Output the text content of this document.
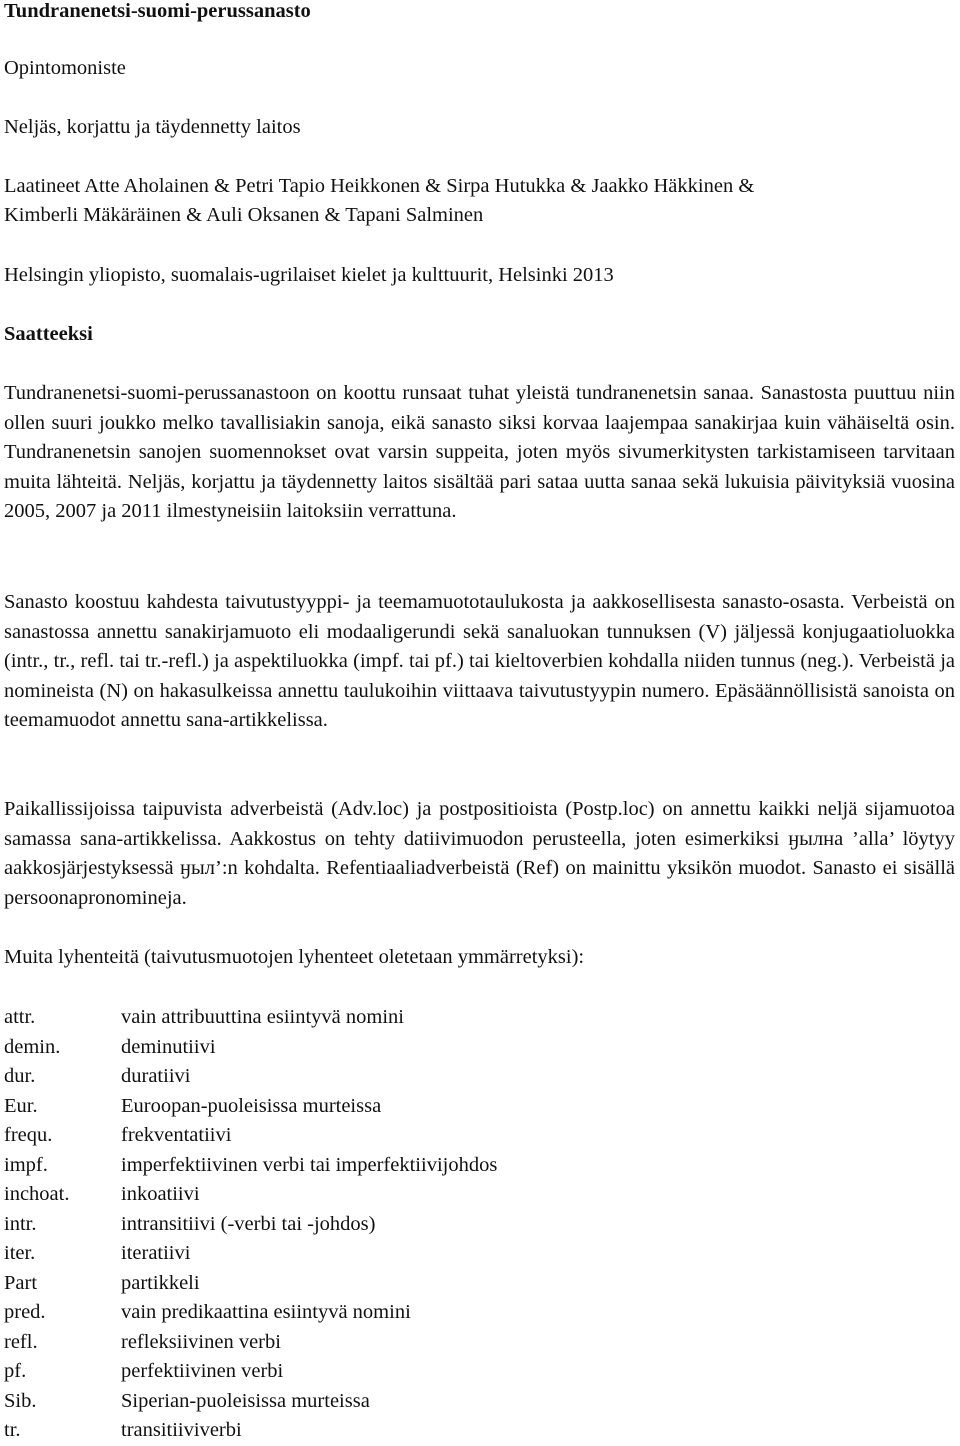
Tundranenetsi-suomi-perussanasto

Opintomoniste

Neljäs, korjattu ja täydennetty laitos

Laatineet Atte Aholainen & Petri Tapio Heikkonen & Sirpa Hutukka & Jaakko Häkkinen &

Kimberli Mäkäräinen & Auli Oksanen & Tapani Salminen

Helsingin yliopisto, suomalais-ugrilaiset kielet ja kulttuurit, Helsinki 2013

Saatteeksi

Tundranenetsi-suomi-perussanastoon on koottu runsaat tuhat yleistä tundranenetsin sanaa. Sanastosta puuttuu niin ollen suuri joukko melko tavallisiakin sanoja, eikä sanasto siksi korvaa laajempaa sanakirjaa kuin vähäiseltä osin. Tundranenetsin sanojen suomennokset ovat varsin suppeita, joten myös sivumerkitysten tarkistamiseen tarvitaan muita lähteitä. Neljäs, korjattu ja täydennetty laitos sisältää pari sataa uutta sanaa sekä lukuisia päivityksiä vuosina 2005, 2007 ja 2011 ilmestyneisiin laitoksiin verrattuna.

Sanasto koostuu kahdesta taivutustyyppi- ja teemamuototaulukosta ja aakkosellisesta sanasto-osasta. Verbeistä on sanastossa annettu sanakirjamuoto eli modaaligerundi sekä sanaluokan tunnuksen (V) jäljessä konjugaatioluokka (intr., tr., refl. tai tr.-refl.) ja aspektiluokka (impf. tai pf.) tai kieltoverbien kohdalla niiden tunnus (neg.). Verbeistä ja nomineista (N) on hakasulkeissa annettu taulukoihin viittaava taivutustyypin numero. Epäsäännöllisistä sanoista on teemamuodot annettu sana-artikkelissa.

Paikallissijoissa taipuvista adverbeistä (Adv.loc) ja postpositioista (Postp.loc) on annettu kaikki neljä sijamuotoa samassa sana-artikkelissa. Aakkostus on tehty datiivimuodon perusteella, joten esimerkiksi ӈылнa ’alla’ löytyy aakkosjärjestyksessä ӈыл’:n kohdalta. Refentiaaliadverbeistä (Ref) on mainittu yksikön muodot. Sanasto ei sisällä persoonapronomineja.

Muita lyhenteitä (taivutusmuotojen lyhenteet oletetaan ymmärretyksi):

attr.	vain attribuuttina esiintyvä nomini
demin.	deminutiivi
dur.	duratiivi
Eur.	Euroopan-puoleisissa murteissa
frequ.	frekventatiivi
impf.	imperfektiivinen verbi tai imperfektiivijohdos
inchoat.	inkoatiivi
intr.	intransitiivi (-verbi tai -johdos)
iter.	iteratiivi
Part	partikkeli
pred.	vain predikaattina esiintyvä nomini
refl.	refleksiivinen verbi
pf.	perfektiivinen verbi
Sib.	Siperian-puoleisissa murteissa
tr.	transitiiviverbi
